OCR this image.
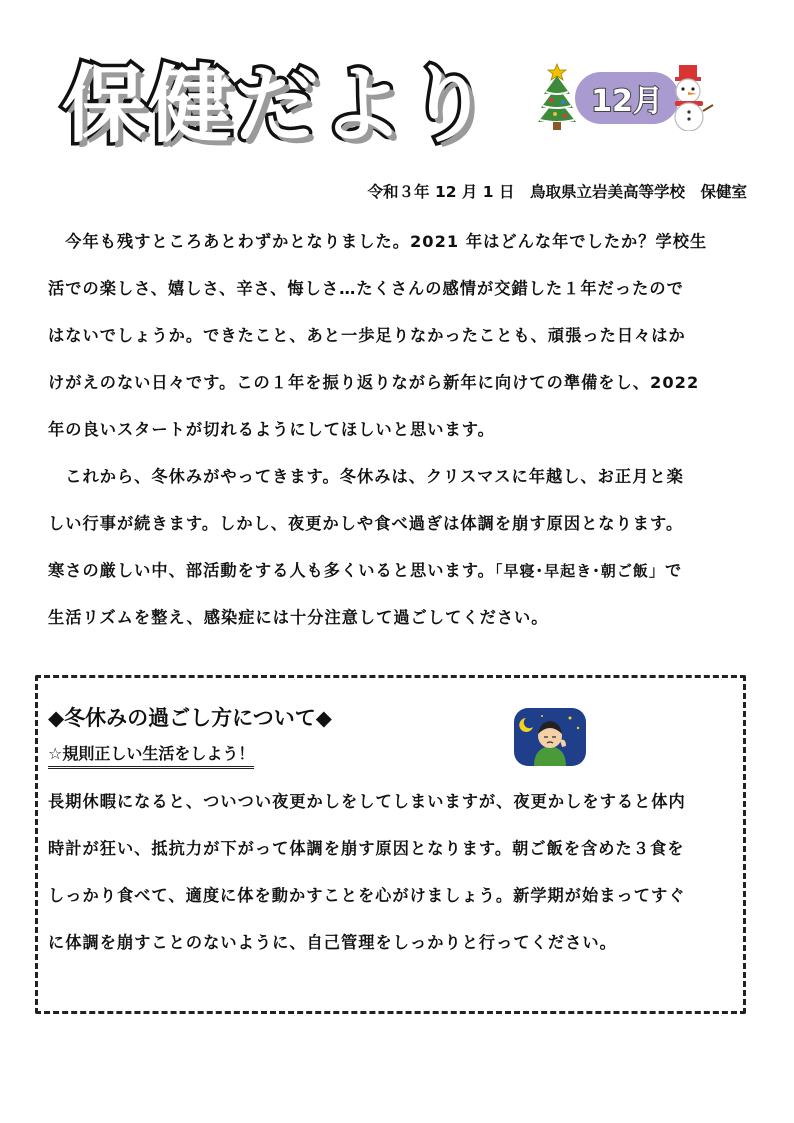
保健だより	12月
令和３年 12 月 1 日　鳥取県立岩美高等学校　保健室
　今年も残すところあとわずかとなりました。2021 年はどんな年でしたか？学校生
活での楽しさ、嬉しさ、辛さ、悔しさ…たくさんの感情が交錯した１年だったので
はないでしょうか。できたこと、あと一歩足りなかったことも、頑張った日々はか
けがえのない日々です。この１年を振り返りながら新年に向けての準備をし、2022
年の良いスタートが切れるようにしてほしいと思います。
　これから、冬休みがやってきます。冬休みは、クリスマスに年越し、お正月と楽
しい行事が続きます。しかし、夜更かしや食べ過ぎは体調を崩す原因となります。
寒さの厳しい中、部活動をする人も多くいると思います。「早寝･早起き･朝ご飯」で
生活リズムを整え、感染症には十分注意して過ごしてください。
◆冬休みの過ごし方について◆
☆規則正しい生活をしよう！
長期休暇になると、ついつい夜更かしをしてしまいますが、夜更かしをすると体内
時計が狂い、抵抗力が下がって体調を崩す原因となります。朝ご飯を含めた３食を
しっかり食べて、適度に体を動かすことを心がけましょう。新学期が始まってすぐ
に体調を崩すことのないように、自己管理をしっかりと行ってください。
